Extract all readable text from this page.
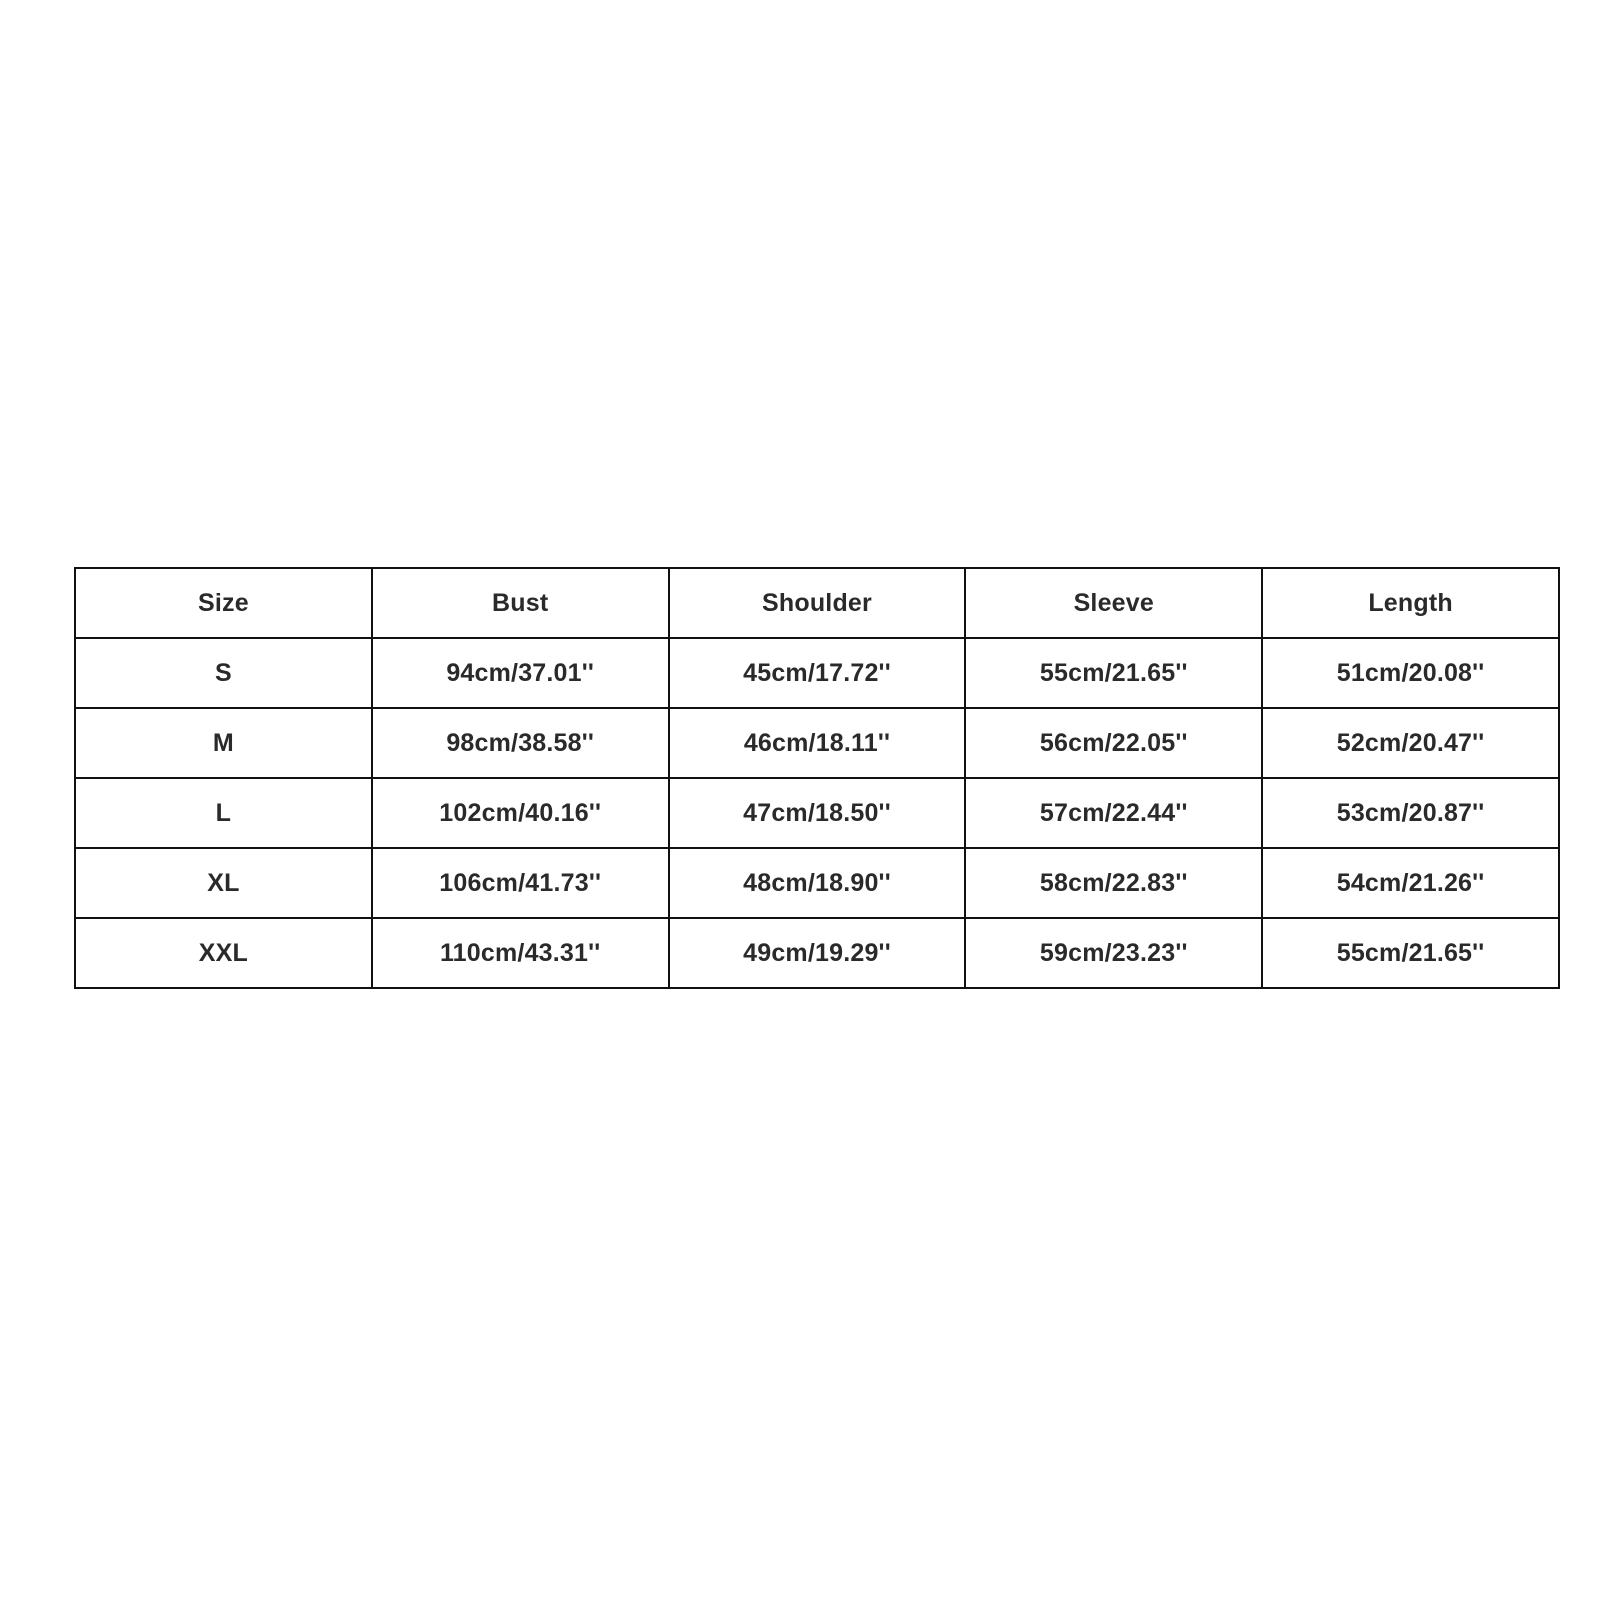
Size	Bust	Shoulder	Sleeve	Length
S	94cm/37.01''	45cm/17.72''	55cm/21.65''	51cm/20.08''
M	98cm/38.58''	46cm/18.11''	56cm/22.05''	52cm/20.47''
L	102cm/40.16''	47cm/18.50''	57cm/22.44''	53cm/20.87''
XL	106cm/41.73''	48cm/18.90''	58cm/22.83''	54cm/21.26''
XXL	110cm/43.31''	49cm/19.29''	59cm/23.23''	55cm/21.65''
